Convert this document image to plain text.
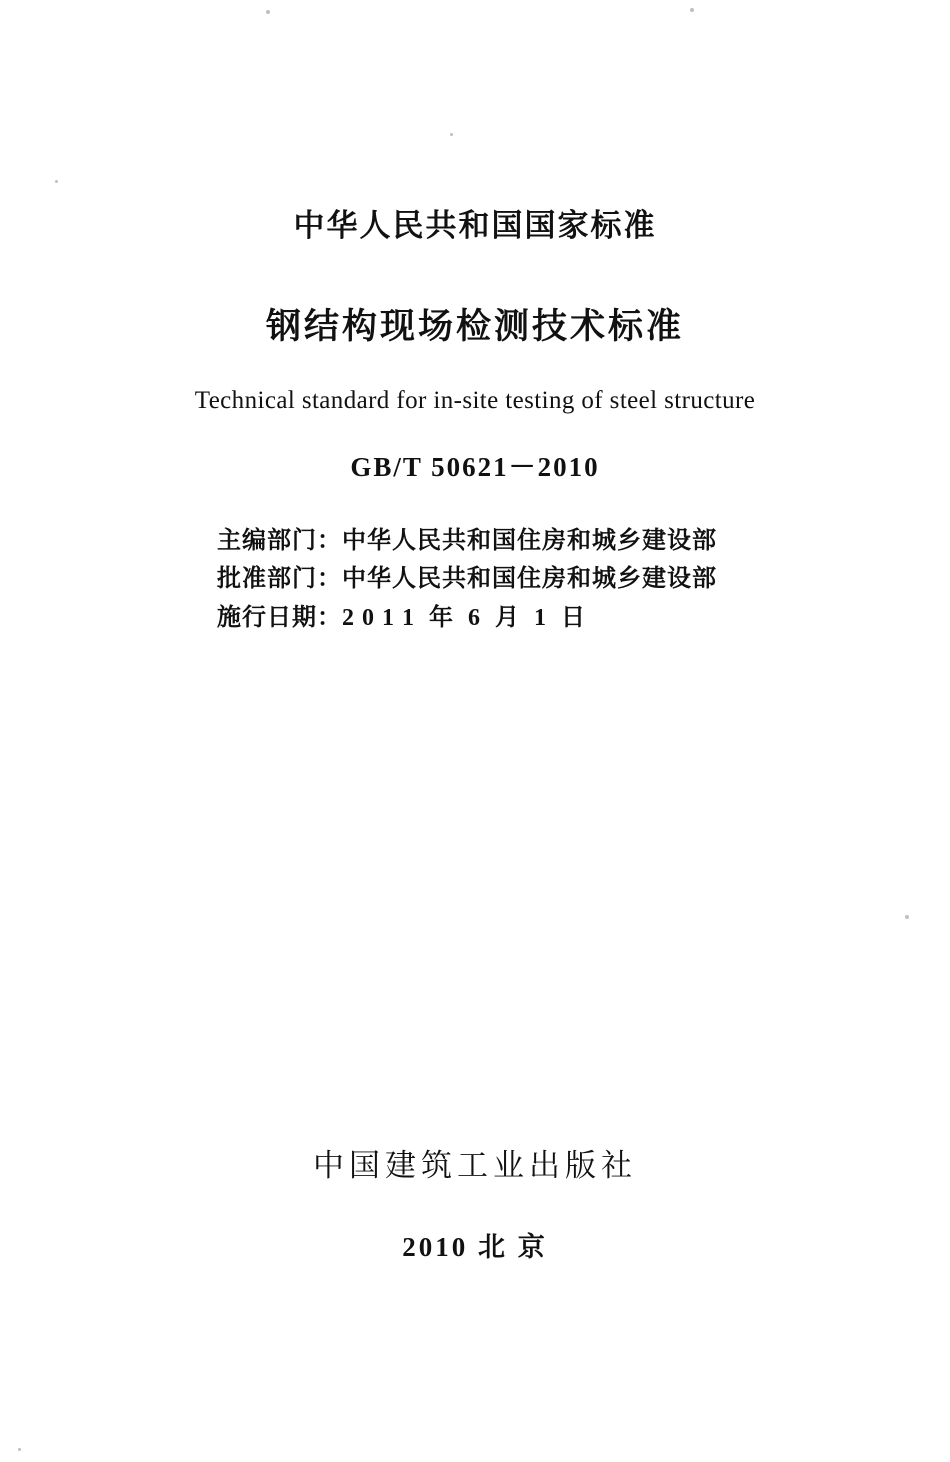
中华人民共和国国家标准
钢结构现场检测技术标准
Technical standard for in-site testing of steel structure
GB/T 50621－2010
主编部门：中华人民共和国住房和城乡建设部
批准部门：中华人民共和国住房和城乡建设部
施行日期：2 0 1 1  年  6  月  1  日
中国建筑工业出版社
2010 北 京
